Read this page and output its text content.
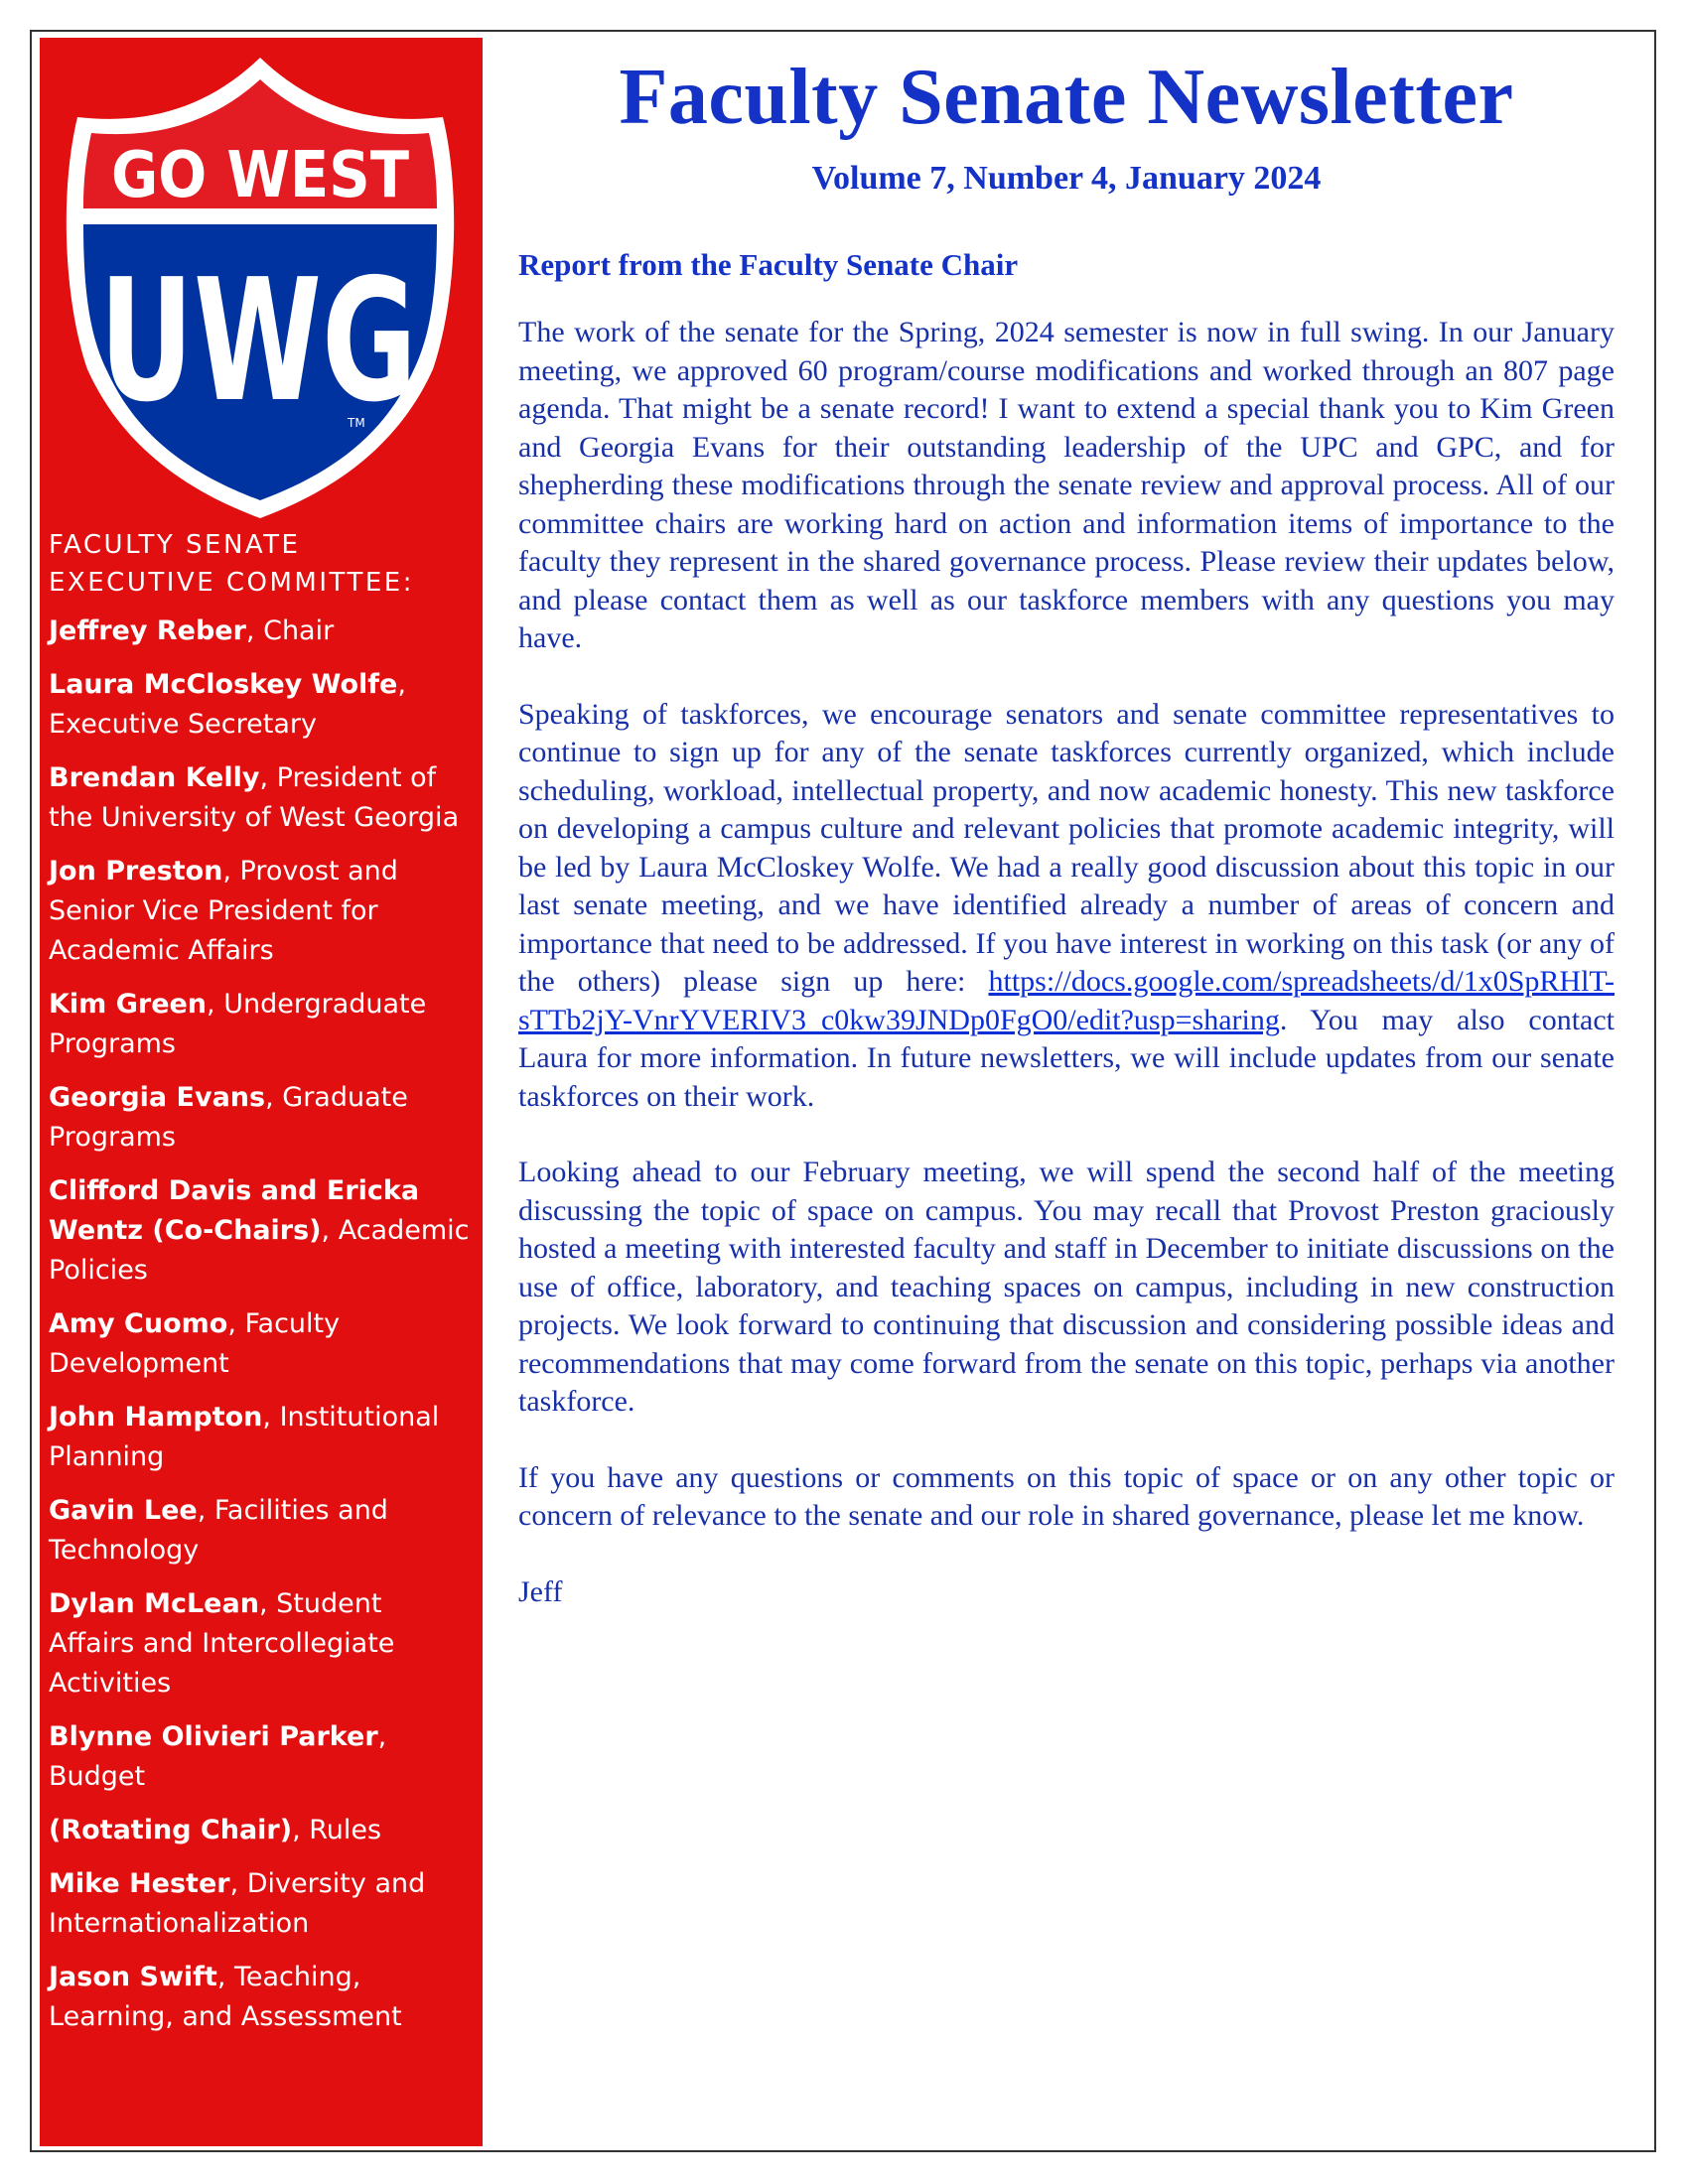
GO WEST
UWG
TM
FACULTY SENATE
EXECUTIVE COMMITTEE:

Jeffrey Reber, Chair

Laura McCloskey Wolfe, Executive Secretary

Brendan Kelly, President of the University of West Georgia

Jon Preston, Provost and Senior Vice President for Academic Affairs

Kim Green, Undergraduate Programs

Georgia Evans, Graduate Programs

Clifford Davis and Ericka Wentz (Co-Chairs), Academic Policies

Amy Cuomo, Faculty Development

John Hampton, Institutional Planning

Gavin Lee, Facilities and Technology

Dylan McLean, Student Affairs and Intercollegiate Activities

Blynne Olivieri Parker, Budget

(Rotating Chair), Rules

Mike Hester, Diversity and Internationalization

Jason Swift, Teaching, Learning, and Assessment

Faculty Senate Newsletter
Volume 7, Number 4, January 2024
Report from the Faculty Senate Chair

The work of the senate for the Spring, 2024 semester is now in full swing. In our January meeting, we approved 60 program/course modifications and worked through an 807 page agenda. That might be a senate record! I want to extend a special thank you to Kim Green and Georgia Evans for their outstanding leadership of the UPC and GPC, and for shepherding these modifications through the senate review and approval process. All of our committee chairs are working hard on action and information items of importance to the faculty they represent in the shared governance process. Please review their updates below, and please contact them as well as our taskforce members with any questions you may have.

Speaking of taskforces, we encourage senators and senate committee representatives to continue to sign up for any of the senate taskforces currently organized, which include scheduling, workload, intellectual property, and now academic honesty. This new taskforce on developing a campus culture and relevant policies that promote academic integrity, will be led by Laura McCloskey Wolfe. We had a really good discussion about this topic in our last senate meeting, and we have identified already a number of areas of concern and importance that need to be addressed. If you have interest in working on this task (or any of the others) please sign up here: https://docs.google.com/spreadsheets/d/1x0SpRHlT-sTTb2jY-VnrYVERIV3_c0kw39JNDp0FgO0/edit?usp=sharing. You may also contact Laura for more information. In future newsletters, we will include updates from our senate taskforces on their work.

Looking ahead to our February meeting, we will spend the second half of the meeting discussing the topic of space on campus. You may recall that Provost Preston graciously hosted a meeting with interested faculty and staff in December to initiate discussions on the use of office, laboratory, and teaching spaces on campus, including in new construction projects. We look forward to continuing that discussion and considering possible ideas and recommendations that may come forward from the senate on this topic, perhaps via another taskforce.

If you have any questions or comments on this topic of space or on any other topic or concern of relevance to the senate and our role in shared governance, please let me know.

Jeff
